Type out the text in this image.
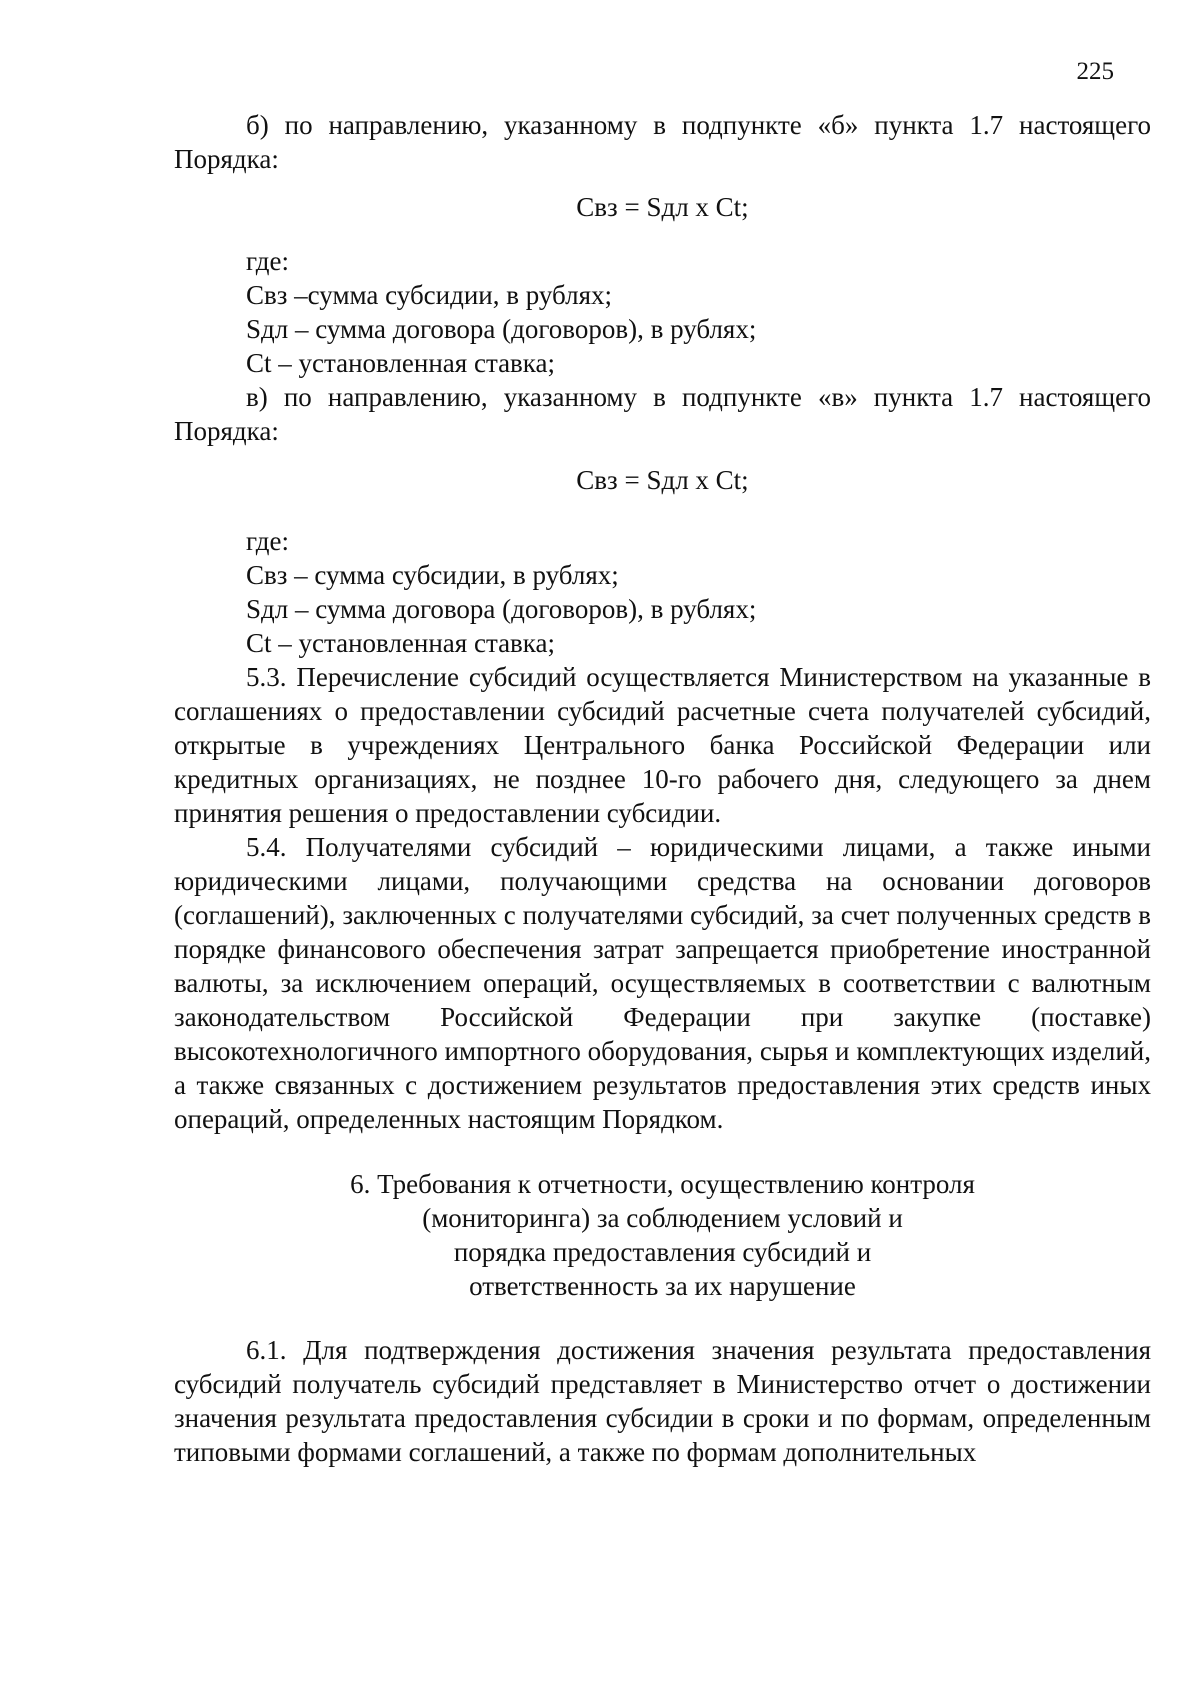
225

б) по направлению, указанному в подпункте «б» пункта 1.7 настоящего Порядка:

Свз = Sдл x Ct;

где:

Свз –сумма субсидии, в рублях;

Sдл – сумма договора (договоров), в рублях;

Ct – установленная ставка;

в) по направлению, указанному в подпункте «в» пункта 1.7 настоящего Порядка:

Свз = Sдл x Ct;

где:

Свз – сумма субсидии, в рублях;

Sдл – сумма договора (договоров), в рублях;

Ct – установленная ставка;

5.3. Перечисление субсидий осуществляется Министерством на указанные в соглашениях о предоставлении субсидий расчетные счета получателей субсидий, открытые в учреждениях Центрального банка Российской Федерации или кредитных организациях, не позднее 10-го рабочего дня, следующего за днем принятия решения о предоставлении субсидии.

5.4. Получателями субсидий – юридическими лицами, а также иными юридическими лицами, получающими средства на основании договоров (соглашений), заключенных с получателями субсидий, за счет полученных средств в порядке финансового обеспечения затрат запрещается приобретение иностранной валюты, за исключением операций, осуществляемых в соответствии с валютным законодательством Российской Федерации при закупке (поставке) высокотехнологичного импортного оборудования, сырья и комплектующих изделий, а также связанных с достижением результатов предоставления этих средств иных операций, определенных настоящим Порядком.

6. Требования к отчетности, осуществлению контроля
(мониторинга) за соблюдением условий и
порядка предоставления субсидий и
ответственность за их нарушение

6.1. Для подтверждения достижения значения результата предоставления субсидий получатель субсидий представляет в Министерство отчет о достижении значения результата предоставления субсидии в сроки и по формам, определенным типовыми формами соглашений, а также по формам дополнительных
